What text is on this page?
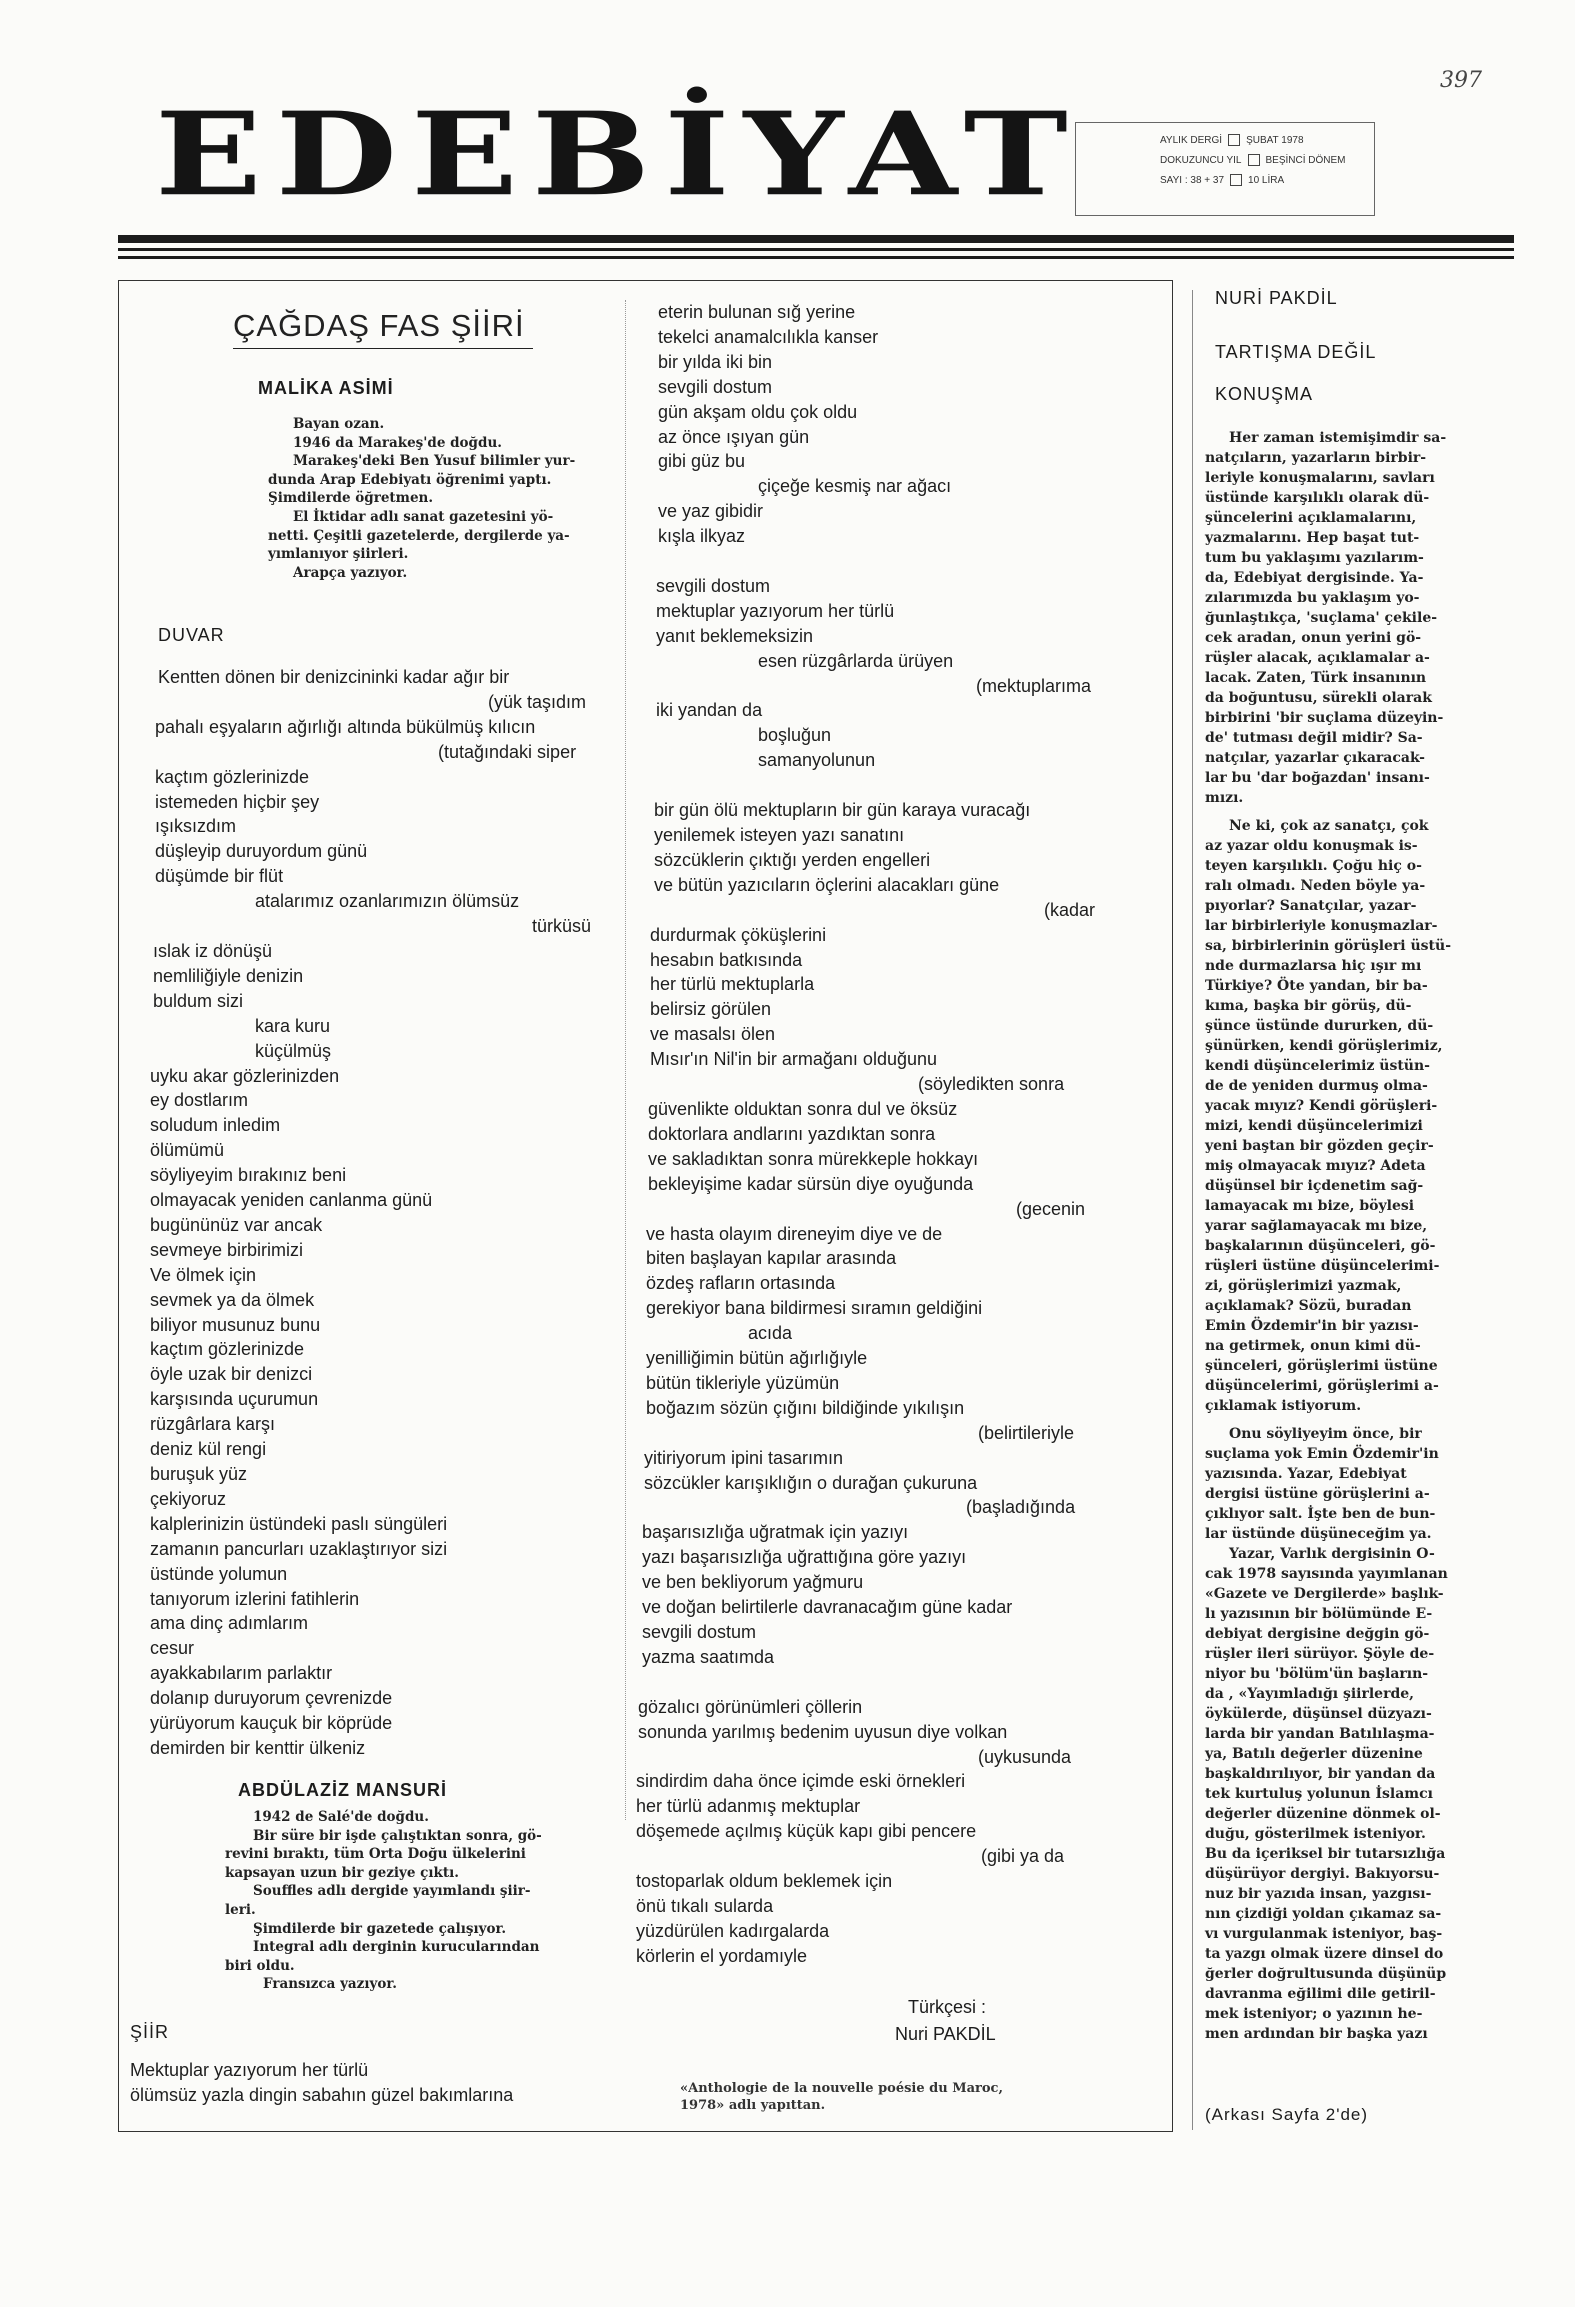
EDEBİYAT	AYLIK DERGİ ŞUBAT 1978
DOKUZUNCU YIL BEŞİNCİ DÖNEM
SAYI : 38 + 37 10 LİRA
397
ÇAĞDAŞ FAS ŞİİRİ
MALİKA ASİMİ
Bayan ozan.
1946 da Marakeş'de doğdu.
Marakeş'deki Ben Yusuf bilimler yur-
dunda Arap Edebiyatı öğrenimi yaptı.
Şimdilerde öğretmen.
El İktidar adlı sanat gazetesini yö-
netti. Çeşitli gazetelerde, dergilerde ya-
yımlanıyor şiirleri.
Arapça yazıyor.
DUVAR
Kentten dönen bir denizcininki kadar ağır bir
(yük taşıdım
pahalı eşyaların ağırlığı altında bükülmüş kılıcın
(tutağındaki siper
kaçtım gözlerinizde
istemeden hiçbir şey
ışıksızdım
düşleyip duruyordum günü
düşümde bir flüt
atalarımız ozanlarımızın ölümsüz
türküsü
ıslak iz dönüşü
nemliliğiyle denizin
buldum sizi
kara kuru
küçülmüş
uyku akar gözlerinizden
ey dostlarım
soludum inledim
ölümümü
söyliyeyim bırakınız beni
olmayacak yeniden canlanma günü
bugününüz var ancak
sevmeye birbirimizi
Ve ölmek için
sevmek ya da ölmek
biliyor musunuz bunu
kaçtım gözlerinizde
öyle uzak bir denizci
karşısında uçurumun
rüzgârlara karşı
deniz kül rengi
buruşuk yüz
çekiyoruz
kalplerinizin üstündeki paslı süngüleri
zamanın pancurları uzaklaştırıyor sizi
üstünde yolumun
tanıyorum izlerini fatihlerin
ama dinç adımlarım
cesur
ayakkabılarım parlaktır
dolanıp duruyorum çevrenizde
yürüyorum kauçuk bir köprüde
demirden bir kenttir ülkeniz
ABDÜLAZİZ MANSURİ
1942 de Salé'de doğdu.
Bir süre bir işde çalıştıktan sonra, gö-
revini bıraktı, tüm Orta Doğu ülkelerini
kapsayan uzun bir geziye çıktı.
Souffles adlı dergide yayımlandı şiir-
leri.
Şimdilerde bir gazetede çalışıyor.
Integral adlı derginin kurucularından
biri oldu.
Fransızca yazıyor.
ŞİİR
Mektuplar yazıyorum her türlü
ölümsüz yazla dingin sabahın güzel bakımlarına
eterin bulunan sığ yerine
tekelci anamalcılıkla kanser
bir yılda iki bin
sevgili dostum
gün akşam oldu çok oldu
az önce ışıyan gün
gibi güz bu
çiçeğe kesmiş nar ağacı
ve yaz gibidir
kışla ilkyaz
sevgili dostum
mektuplar yazıyorum her türlü
yanıt beklemeksizin
esen rüzgârlarda ürüyen
(mektuplarıma
iki yandan da
boşluğun
samanyolunun
bir gün ölü mektupların bir gün karaya vuracağı
yenilemek isteyen yazı sanatını
sözcüklerin çıktığı yerden engelleri
ve bütün yazıcıların öçlerini alacakları güne
(kadar
durdurmak çöküşlerini
hesabın batkısında
her türlü mektuplarla
belirsiz görülen
ve masalsı ölen
Mısır'ın Nil'in bir armağanı olduğunu
(söyledikten sonra
güvenlikte olduktan sonra dul ve öksüz
doktorlara andlarını yazdıktan sonra
ve sakladıktan sonra mürekkeple hokkayı
bekleyişime kadar sürsün diye oyuğunda
(gecenin
ve hasta olayım direneyim diye ve de
biten başlayan kapılar arasında
özdeş rafların ortasında
gerekiyor bana bildirmesi sıramın geldiğini
acıda
yenilliğimin bütün ağırlığıyle
bütün tikleriyle yüzümün
boğazım sözün çığını bildiğinde yıkılışın
(belirtileriyle
yitiriyorum ipini tasarımın
sözcükler karışıklığın o durağan çukuruna
(başladığında
başarısızlığa uğratmak için yazıyı
yazı başarısızlığa uğrattığına göre yazıyı
ve ben bekliyorum yağmuru
ve doğan belirtilerle davranacağım güne kadar
sevgili dostum
yazma saatımda
gözalıcı görünümleri çöllerin
sonunda yarılmış bedenim uyusun diye volkan
(uykusunda
sindirdim daha önce içimde eski örnekleri
her türlü adanmış mektuplar
döşemede açılmış küçük kapı gibi pencere
(gibi ya da
tostoparlak oldum beklemek için
önü tıkalı sularda
yüzdürülen kadırgalarda
körlerin el yordamıyle
Türkçesi :
Nuri PAKDİL
«Anthologie de la nouvelle poésie du Maroc,
1978» adlı yapıttan.
NURİ PAKDİL
TARTIŞMA DEĞİL
KONUŞMA
Her zaman istemişimdir sa-
natçıların, yazarların birbir-
leriyle konuşmalarını, savları
üstünde karşılıklı olarak dü-
şüncelerini açıklamalarını,
yazmalarını. Hep başat tut-
tum bu yaklaşımı yazılarım-
da, Edebiyat dergisinde. Ya-
zılarımızda bu yaklaşım yo-
ğunlaştıkça, 'suçlama' çekile-
cek aradan, onun yerini gö-
rüşler alacak, açıklamalar a-
lacak. Zaten, Türk insanının
da boğuntusu, sürekli olarak
birbirini 'bir suçlama düzeyin-
de' tutması değil midir? Sa-
natçılar, yazarlar çıkaracak-
lar bu 'dar boğazdan' insanı-
mızı.
Ne ki, çok az sanatçı, çok
az yazar oldu konuşmak is-
teyen karşılıklı. Çoğu hiç o-
ralı olmadı. Neden böyle ya-
pıyorlar? Sanatçılar, yazar-
lar birbirleriyle konuşmazlar-
sa, birbirlerinin görüşleri üstü-
nde durmazlarsa hiç ışır mı
Türkiye? Öte yandan, bir ba-
kıma, başka bir görüş, dü-
şünce üstünde dururken, dü-
şünürken, kendi görüşlerimiz,
kendi düşüncelerimiz üstün-
de de yeniden durmuş olma-
yacak mıyız? Kendi görüşleri-
mizi, kendi düşüncelerimizi
yeni baştan bir gözden geçir-
miş olmayacak mıyız? Adeta
düşünsel bir içdenetim sağ-
lamayacak mı bize, böylesi
yarar sağlamayacak mı bize,
başkalarının düşünceleri, gö-
rüşleri üstüne düşüncelerimi-
zi, görüşlerimizi yazmak,
açıklamak? Sözü, buradan
Emin Özdemir'in bir yazısı-
na getirmek, onun kimi dü-
şünceleri, görüşlerimi üstüne
düşüncelerimi, görüşlerimi a-
çıklamak istiyorum.
Onu söyliyeyim önce, bir
suçlama yok Emin Özdemir'in
yazısında. Yazar, Edebiyat
dergisi üstüne görüşlerini a-
çıklıyor salt. İşte ben de bun-
lar üstünde düşüneceğim ya.
Yazar, Varlık dergisinin O-
cak 1978 sayısında yayımlanan
«Gazete ve Dergilerde» başlık-
lı yazısının bir bölümünde E-
debiyat dergisine değgin gö-
rüşler ileri sürüyor. Şöyle de-
niyor bu 'bölüm'ün başların-
da , «Yayımladığı şiirlerde,
öykülerde, düşünsel düzyazı-
larda bir yandan Batılılaşma-
ya, Batılı değerler düzenine
başkaldırılıyor, bir yandan da
tek kurtuluş yolunun İslamcı
değerler düzenine dönmek ol-
duğu, gösterilmek isteniyor.
Bu da içeriksel bir tutarsızlığa
düşürüyor dergiyi. Bakıyorsu-
nuz bir yazıda insan, yazgısı-
nın çizdiği yoldan çıkamaz sa-
vı vurgulanmak isteniyor, baş-
ta yazgı olmak üzere dinsel do
ğerler doğrultusunda düşünüp
davranma eğilimi dile getiril-
mek isteniyor; o yazının he-
men ardından bir başka yazı
(Arkası Sayfa 2'de)
